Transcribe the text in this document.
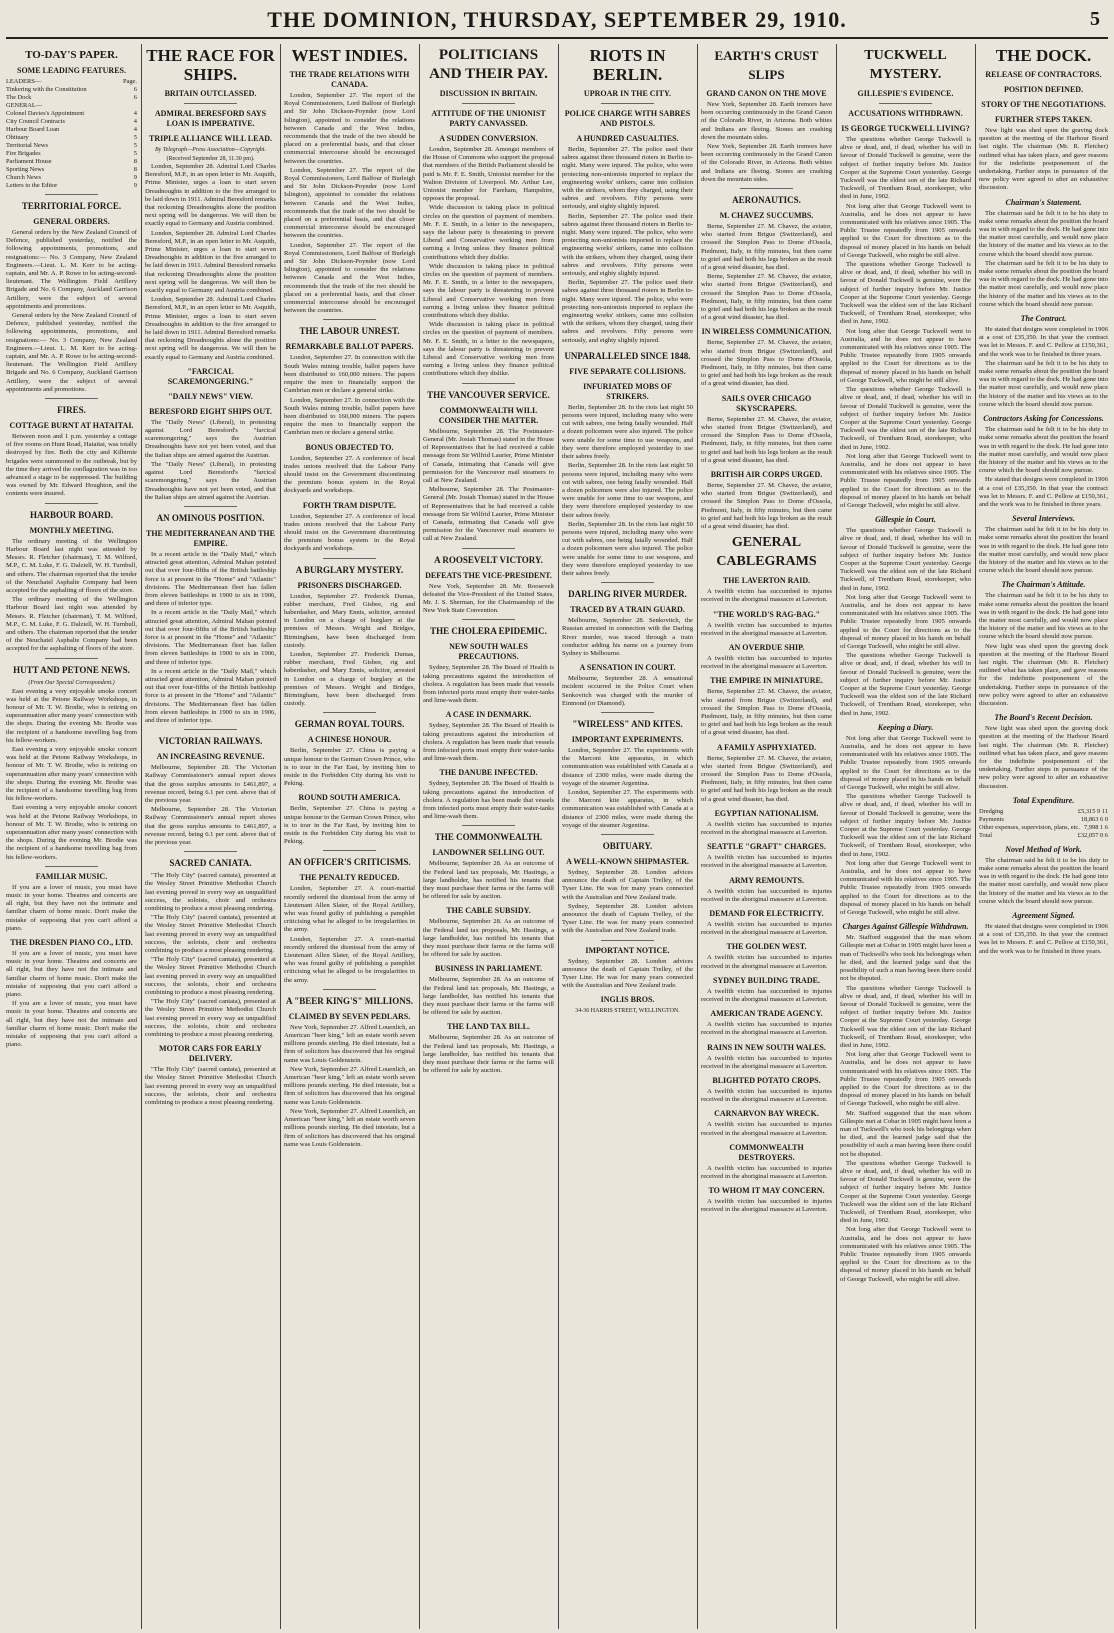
THE DOMINION, THURSDAY, SEPTEMBER 29, 1910.	5
TO-DAY'S PAPER.
SOME LEADING FEATURES.
LEADERS—	Page.
Tinkering with the Constitution	6
The Dock	6
GENERAL—
Colonel Davies's Appointment	4
City Council Contracts	4
Harbour Board Loan	4
Obituary	5
Territorial News	5
Fire Brigades	5
Parliament House	8
Sporting News	8
Church News	9
Letters to the Editor	9
TERRITORIAL FORCE.
GENERAL ORDERS.
General orders by the New Zealand Council of Defence, published yesterday, notified the following appointments, promotions, and resignations:— No. 3 Company, New Zealand Engineers.—Lieut. L. M. Kerr to be acting-captain, and Mr. A. P. Rowe to be acting-second-lieutenant. The Wellington Field Artillery Brigade and No. 6 Company, Auckland Garrison Artillery, were the subject of several appointments and promotions.
General orders by the New Zealand Council of Defence, published yesterday, notified the following appointments, promotions, and resignations:— No. 3 Company, New Zealand Engineers.—Lieut. L. M. Kerr to be acting-captain, and Mr. A. P. Rowe to be acting-second-lieutenant. The Wellington Field Artillery Brigade and No. 6 Company, Auckland Garrison Artillery, were the subject of several appointments and promotions.
FIRES.
COTTAGE BURNT AT HATAITAI.
Between noon and 1 p.m. yesterday a cottage of five rooms on Hunt Road, Hataitai, was totally destroyed by fire. Both the city and Kilbirnie brigades were summoned to the outbreak, but by the time they arrived the conflagration was in too advanced a stage to be suppressed. The building was owned by Mr. Edward Houghton, and the contents were insured.
HARBOUR BOARD.
MONTHLY MEETING.
The ordinary meeting of the Wellington Harbour Board last night was attended by Messrs. R. Fletcher (chairman), T. M. Wilford, M.P., C. M. Luke, F. G. Dalziell, W. H. Turnbull, and others. The chairman reported that the tender of the Neuchatel Asphalte Company had been accepted for the asphalting of floors of the store.
The ordinary meeting of the Wellington Harbour Board last night was attended by Messrs. R. Fletcher (chairman), T. M. Wilford, M.P., C. M. Luke, F. G. Dalziell, W. H. Turnbull, and others. The chairman reported that the tender of the Neuchatel Asphalte Company had been accepted for the asphalting of floors of the store.
HUTT AND PETONE NEWS.
(From Our Special Correspondent.)
East evening a very enjoyable smoke concert was held at the Petone Railway Workshops, in honour of Mr. T. W. Brodie, who is retiring on superannuation after many years' connection with the shops. During the evening Mr. Brodie was the recipient of a handsome travelling bag from his fellow-workers.
East evening a very enjoyable smoke concert was held at the Petone Railway Workshops, in honour of Mr. T. W. Brodie, who is retiring on superannuation after many years' connection with the shops. During the evening Mr. Brodie was the recipient of a handsome travelling bag from his fellow-workers.
East evening a very enjoyable smoke concert was held at the Petone Railway Workshops, in honour of Mr. T. W. Brodie, who is retiring on superannuation after many years' connection with the shops. During the evening Mr. Brodie was the recipient of a handsome travelling bag from his fellow-workers.
FAMILIAR MUSIC.
If you are a lover of music, you must have music in your home. Theatres and concerts are all right, but they have not the intimate and familiar charm of home music. Don't make the mistake of supposing that you can't afford a piano.
THE DRESDEN PIANO CO., LTD.
If you are a lover of music, you must have music in your home. Theatres and concerts are all right, but they have not the intimate and familiar charm of home music. Don't make the mistake of supposing that you can't afford a piano.
If you are a lover of music, you must have music in your home. Theatres and concerts are all right, but they have not the intimate and familiar charm of home music. Don't make the mistake of supposing that you can't afford a piano.
THE RACE FOR SHIPS.
BRITAIN OUTCLASSED.
ADMIRAL BERESFORD SAYS LOAN IS IMPERATIVE.
TRIPLE ALLIANCE WILL LEAD.
By Telegraph—Press Association—Copyright.
(Received September 28, 11.30 pm).
London, September 28. Admiral Lord Charles Beresford, M.P., in an open letter to Mr. Asquith, Prime Minister, urges a loan to start seven Dreadnoughts in addition to the five arranged to be laid down in 1911. Admiral Beresford remarks that reckoning Dreadnoughts alone the position next spring will be dangerous. We will then be exactly equal to Germany and Austria combined.
London, September 28. Admiral Lord Charles Beresford, M.P., in an open letter to Mr. Asquith, Prime Minister, urges a loan to start seven Dreadnoughts in addition to the five arranged to be laid down in 1911. Admiral Beresford remarks that reckoning Dreadnoughts alone the position next spring will be dangerous. We will then be exactly equal to Germany and Austria combined.
London, September 28. Admiral Lord Charles Beresford, M.P., in an open letter to Mr. Asquith, Prime Minister, urges a loan to start seven Dreadnoughts in addition to the five arranged to be laid down in 1911. Admiral Beresford remarks that reckoning Dreadnoughts alone the position next spring will be dangerous. We will then be exactly equal to Germany and Austria combined.
"FARCICAL SCAREMONGERING."
"DAILY NEWS" VIEW.
BERESFORD EIGHT SHIPS OUT.
The "Daily News" (Liberal), in protesting against Lord Beresford's "farcical scaremongering," says the Austrian Dreadnoughts have not yet been voted, and that the Italian ships are aimed against the Austrian.
The "Daily News" (Liberal), in protesting against Lord Beresford's "farcical scaremongering," says the Austrian Dreadnoughts have not yet been voted, and that the Italian ships are aimed against the Austrian.
AN OMINOUS POSITION.
THE MEDITERRANEAN AND THE EMPIRE.
In a recent article in the "Daily Mail," which attracted great attention, Admiral Mahan pointed out that over four-fifths of the British battleship force is at present in the "Home" and "Atlantic" divisions. The Mediterranean fleet has fallen from eleven battleships in 1900 to six in 1906, and three of inferior type.
In a recent article in the "Daily Mail," which attracted great attention, Admiral Mahan pointed out that over four-fifths of the British battleship force is at present in the "Home" and "Atlantic" divisions. The Mediterranean fleet has fallen from eleven battleships in 1900 to six in 1906, and three of inferior type.
In a recent article in the "Daily Mail," which attracted great attention, Admiral Mahan pointed out that over four-fifths of the British battleship force is at present in the "Home" and "Atlantic" divisions. The Mediterranean fleet has fallen from eleven battleships in 1900 to six in 1906, and three of inferior type.
VICTORIAN RAILWAYS.
AN INCREASING REVENUE.
Melbourne, September 28. The Victorian Railway Commissioner's annual report shows that the gross surplus amounts to £461,897, a revenue record, being 6.1 per cent. above that of the previous year.
Melbourne, September 28. The Victorian Railway Commissioner's annual report shows that the gross surplus amounts to £461,897, a revenue record, being 6.1 per cent. above that of the previous year.
SACRED CANIATA.
"The Holy City" (sacred cantata), presented at the Wesley Street Primitive Methodist Church last evening proved in every way an unqualified success, the soloists, choir and orchestra combining to produce a most pleasing rendering.
"The Holy City" (sacred cantata), presented at the Wesley Street Primitive Methodist Church last evening proved in every way an unqualified success, the soloists, choir and orchestra combining to produce a most pleasing rendering.
"The Holy City" (sacred cantata), presented at the Wesley Street Primitive Methodist Church last evening proved in every way an unqualified success, the soloists, choir and orchestra combining to produce a most pleasing rendering.
"The Holy City" (sacred cantata), presented at the Wesley Street Primitive Methodist Church last evening proved in every way an unqualified success, the soloists, choir and orchestra combining to produce a most pleasing rendering.
MOTOR CARS FOR EARLY DELIVERY.
"The Holy City" (sacred cantata), presented at the Wesley Street Primitive Methodist Church last evening proved in every way an unqualified success, the soloists, choir and orchestra combining to produce a most pleasing rendering.
WEST INDIES.
THE TRADE RELATIONS WITH CANADA.
London, September 27. The report of the Royal Commissioners, Lord Balfour of Burleigh and Sir John Dickson-Poynder (now Lord Islington), appointed to consider the relations between Canada and the West Indies, recommends that the trade of the two should be placed on a preferential basis, and that closer commercial intercourse should be encouraged between the countries.
London, September 27. The report of the Royal Commissioners, Lord Balfour of Burleigh and Sir John Dickson-Poynder (now Lord Islington), appointed to consider the relations between Canada and the West Indies, recommends that the trade of the two should be placed on a preferential basis, and that closer commercial intercourse should be encouraged between the countries.
London, September 27. The report of the Royal Commissioners, Lord Balfour of Burleigh and Sir John Dickson-Poynder (now Lord Islington), appointed to consider the relations between Canada and the West Indies, recommends that the trade of the two should be placed on a preferential basis, and that closer commercial intercourse should be encouraged between the countries.
THE LABOUR UNREST.
REMARKABLE BALLOT PAPERS.
London, September 27. In connection with the South Wales mining trouble, ballot papers have been distributed to 160,000 miners. The papers require the men to financially support the Cambrian men or declare a general strike.
London, September 27. In connection with the South Wales mining trouble, ballot papers have been distributed to 160,000 miners. The papers require the men to financially support the Cambrian men or declare a general strike.
BONUS OBJECTED TO.
London, September 27. A conference of local trades unions resolved that the Labour Party should insist on the Government discontinuing the premium bonus system in the Royal dockyards and workshops.
FORTH TRAM DISPUTE.
London, September 27. A conference of local trades unions resolved that the Labour Party should insist on the Government discontinuing the premium bonus system in the Royal dockyards and workshops.
A BURGLARY MYSTERY.
PRISONERS DISCHARGED.
London, September 27. Frederick Dumas, rubber merchant, Fred Gisbee, rig and haberdasher, and Mary Ennis, solicitor, arrested in London on a charge of burglary at the premises of Messrs. Wright and Bridges, Birmingham, have been discharged from custody.
London, September 27. Frederick Dumas, rubber merchant, Fred Gisbee, rig and haberdasher, and Mary Ennis, solicitor, arrested in London on a charge of burglary at the premises of Messrs. Wright and Bridges, Birmingham, have been discharged from custody.
GERMAN ROYAL TOURS.
A CHINESE HONOUR.
Berlin, September 27. China is paying a unique honour to the German Crown Prince, who is to tour in the Far East, by inviting him to reside in the Forbidden City during his visit to Peking.
ROUND SOUTH AMERICA.
Berlin, September 27. China is paying a unique honour to the German Crown Prince, who is to tour in the Far East, by inviting him to reside in the Forbidden City during his visit to Peking.
AN OFFICER'S CRITICISMS.
THE PENALTY REDUCED.
London, September 27. A court-martial recently ordered the dismissal from the army of Lieutenant Allen Slater, of the Royal Artillery, who was found guilty of publishing a pamphlet criticising what he alleged to be irregularities in the army.
London, September 27. A court-martial recently ordered the dismissal from the army of Lieutenant Allen Slater, of the Royal Artillery, who was found guilty of publishing a pamphlet criticising what he alleged to be irregularities in the army.
A "BEER KING'S" MILLIONS.
CLAIMED BY SEVEN PEDLARS.
New York, September 27. Alfred Louenlich, an American "beer king," left an estate worth seven millions pounds sterling. He died intestate, but a firm of solicitors has discovered that his original name was Louis Goldenstein.
New York, September 27. Alfred Louenlich, an American "beer king," left an estate worth seven millions pounds sterling. He died intestate, but a firm of solicitors has discovered that his original name was Louis Goldenstein.
New York, September 27. Alfred Louenlich, an American "beer king," left an estate worth seven millions pounds sterling. He died intestate, but a firm of solicitors has discovered that his original name was Louis Goldenstein.
POLITICIANS AND THEIR PAY.
DISCUSSION IN BRITAIN.
ATTITUDE OF THE UNIONIST PARTY CANVASSED.
A SUDDEN CONVERSION.
London, September 28. Amongst members of the House of Commons who support the proposal that members of the British Parliament should be paid is Mr. F. E. Smith, Unionist member for the Walton Division of Liverpool. Mr. Arthur Lee, Unionist member for Fareham, Hampshire, opposes the proposal.
Wide discussion is taking place in political circles on the question of payment of members. Mr. F. E. Smith, in a letter to the newspapers, says the labour party is threatening to prevent Liberal and Conservative working men from earning a living unless they finance political contributions which they dislike.
Wide discussion is taking place in political circles on the question of payment of members. Mr. F. E. Smith, in a letter to the newspapers, says the labour party is threatening to prevent Liberal and Conservative working men from earning a living unless they finance political contributions which they dislike.
Wide discussion is taking place in political circles on the question of payment of members. Mr. F. E. Smith, in a letter to the newspapers, says the labour party is threatening to prevent Liberal and Conservative working men from earning a living unless they finance political contributions which they dislike.
THE VANCOUVER SERVICE.
COMMONWEALTH WILL CONSIDER THE MATTER.
Melbourne, September 28. The Postmaster-General (Mr. Josiah Thomas) stated in the House of Representatives that he had received a cable message from Sir Wilfrid Laurier, Prime Minister of Canada, intimating that Canada will give permission for the Vancouver mail steamers to call at New Zealand.
Melbourne, September 28. The Postmaster-General (Mr. Josiah Thomas) stated in the House of Representatives that he had received a cable message from Sir Wilfrid Laurier, Prime Minister of Canada, intimating that Canada will give permission for the Vancouver mail steamers to call at New Zealand.
A ROOSEVELT VICTORY.
DEFEATS THE VICE-PRESIDENT.
New York, September 28. Mr. Roosevelt defeated the Vice-President of the United States, Mr. J. S. Sherman, for the Chairmanship of the New York State Convention.
THE CHOLERA EPIDEMIC.
NEW SOUTH WALES PRECAUTIONS.
Sydney, September 28. The Board of Health is taking precautions against the introduction of cholera. A regulation has been made that vessels from infected ports must empty their water-tanks and lime-wash them.
A CASE IN DENMARK.
Sydney, September 28. The Board of Health is taking precautions against the introduction of cholera. A regulation has been made that vessels from infected ports must empty their water-tanks and lime-wash them.
THE DANUBE INFECTED.
Sydney, September 28. The Board of Health is taking precautions against the introduction of cholera. A regulation has been made that vessels from infected ports must empty their water-tanks and lime-wash them.
THE COMMONWEALTH.
LANDOWNER SELLING OUT.
Melbourne, September 28. As an outcome of the Federal land tax proposals, Mr. Hastings, a large landholder, has notified his tenants that they must purchase their farms or the farms will be offered for sale by auction.
THE CABLE SUBSIDY.
Melbourne, September 28. As an outcome of the Federal land tax proposals, Mr. Hastings, a large landholder, has notified his tenants that they must purchase their farms or the farms will be offered for sale by auction.
BUSINESS IN PARLIAMENT.
Melbourne, September 28. As an outcome of the Federal land tax proposals, Mr. Hastings, a large landholder, has notified his tenants that they must purchase their farms or the farms will be offered for sale by auction.
THE LAND TAX BILL.
Melbourne, September 28. As an outcome of the Federal land tax proposals, Mr. Hastings, a large landholder, has notified his tenants that they must purchase their farms or the farms will be offered for sale by auction.
RIOTS IN BERLIN.
UPROAR IN THE CITY.
POLICE CHARGE WITH SABRES AND PISTOLS.
A HUNDRED CASUALTIES.
Berlin, September 27. The police used their sabres against three thousand rioters in Berlin to-night. Many were injured. The police, who were protecting non-unionists imported to replace the engineering works' strikers, came into collision with the strikers, whom they charged, using their sabres and revolvers. Fifty persons were seriously, and eighty slightly injured.
Berlin, September 27. The police used their sabres against three thousand rioters in Berlin to-night. Many were injured. The police, who were protecting non-unionists imported to replace the engineering works' strikers, came into collision with the strikers, whom they charged, using their sabres and revolvers. Fifty persons were seriously, and eighty slightly injured.
Berlin, September 27. The police used their sabres against three thousand rioters in Berlin to-night. Many were injured. The police, who were protecting non-unionists imported to replace the engineering works' strikers, came into collision with the strikers, whom they charged, using their sabres and revolvers. Fifty persons were seriously, and eighty slightly injured.
UNPARALLELED SINCE 1848.
FIVE SEPARATE COLLISIONS.
INFURIATED MOBS OF STRIKERS.
Berlin, September 28. In the riots last night 50 persons were injured, including many who were cut with sabres, one being fatally wounded. Half a dozen policemen were also injured. The police were unable for some time to use weapons, and they were therefore employed yesterday to use their sabres freely.
Berlin, September 28. In the riots last night 50 persons were injured, including many who were cut with sabres, one being fatally wounded. Half a dozen policemen were also injured. The police were unable for some time to use weapons, and they were therefore employed yesterday to use their sabres freely.
Berlin, September 28. In the riots last night 50 persons were injured, including many who were cut with sabres, one being fatally wounded. Half a dozen policemen were also injured. The police were unable for some time to use weapons, and they were therefore employed yesterday to use their sabres freely.
DARLING RIVER MURDER.
TRACED BY A TRAIN GUARD.
Melbourne, September 28. Senkovitch, the Russian arrested in connection with the Darling River murder, was traced through a train conductor adding his name on a journey from Sydney to Melbourne.
A SENSATION IN COURT.
Melbourne, September 28. A sensational incident occurred in the Police Court when Senkovitch was charged with the murder of Einmond (or Diamond).
"WIRELESS" AND KITES.
IMPORTANT EXPERIMENTS.
London, September 27. The experiments with the Marconi kite apparatus, in which communication was established with Canada at a distance of 2300 miles, were made during the voyage of the steamer Argentina.
London, September 27. The experiments with the Marconi kite apparatus, in which communication was established with Canada at a distance of 2300 miles, were made during the voyage of the steamer Argentina.
OBITUARY.
A WELL-KNOWN SHIPMASTER.
Sydney, September 28. London advices announce the death of Captain Trelley, of the Tyser Line. He was for many years connected with the Australian and New Zealand trade.
Sydney, September 28. London advices announce the death of Captain Trelley, of the Tyser Line. He was for many years connected with the Australian and New Zealand trade.
IMPORTANT NOTICE.
Sydney, September 28. London advices announce the death of Captain Trelley, of the Tyser Line. He was for many years connected with the Australian and New Zealand trade.
INGLIS BROS.
34-36 HARRIS STREET, WELLINGTON.
EARTH'S CRUST SLIPS
GRAND CANON ON THE MOVE
New York, September 28. Earth tremors have been occurring continuously in the Grand Canon of the Colorado River, in Arizona. Both whites and Indians are fleeing. Stones are crashing down the mountain sides.
New York, September 28. Earth tremors have been occurring continuously in the Grand Canon of the Colorado River, in Arizona. Both whites and Indians are fleeing. Stones are crashing down the mountain sides.
AERONAUTICS.
M. CHAVEZ SUCCUMBS.
Berne, September 27. M. Chavez, the aviator, who started from Brigue (Switzerland), and crossed the Simplon Pass to Dome d'Ossola, Piedmont, Italy, in fifty minutes, but then came to grief and had both his legs broken as the result of a great wind disaster, has died.
Berne, September 27. M. Chavez, the aviator, who started from Brigue (Switzerland), and crossed the Simplon Pass to Dome d'Ossola, Piedmont, Italy, in fifty minutes, but then came to grief and had both his legs broken as the result of a great wind disaster, has died.
IN WIRELESS COMMUNICATION.
Berne, September 27. M. Chavez, the aviator, who started from Brigue (Switzerland), and crossed the Simplon Pass to Dome d'Ossola, Piedmont, Italy, in fifty minutes, but then came to grief and had both his legs broken as the result of a great wind disaster, has died.
SAILS OVER CHICAGO SKYSCRAPERS.
Berne, September 27. M. Chavez, the aviator, who started from Brigue (Switzerland), and crossed the Simplon Pass to Dome d'Ossola, Piedmont, Italy, in fifty minutes, but then came to grief and had both his legs broken as the result of a great wind disaster, has died.
BRITISH AIR CORPS URGED.
Berne, September 27. M. Chavez, the aviator, who started from Brigue (Switzerland), and crossed the Simplon Pass to Dome d'Ossola, Piedmont, Italy, in fifty minutes, but then came to grief and had both his legs broken as the result of a great wind disaster, has died.
GENERAL CABLEGRAMS
THE LAVERTON RAID.
A twelfth victim has succumbed to injuries received in the aboriginal massacre at Laverton.
"THE WORLD'S RAG-BAG."
A twelfth victim has succumbed to injuries received in the aboriginal massacre at Laverton.
AN OVERDUE SHIP.
A twelfth victim has succumbed to injuries received in the aboriginal massacre at Laverton.
THE EMPIRE IN MINIATURE.
Berne, September 27. M. Chavez, the aviator, who started from Brigue (Switzerland), and crossed the Simplon Pass to Dome d'Ossola, Piedmont, Italy, in fifty minutes, but then came to grief and had both his legs broken as the result of a great wind disaster, has died.
A FAMILY ASPHYXIATED.
Berne, September 27. M. Chavez, the aviator, who started from Brigue (Switzerland), and crossed the Simplon Pass to Dome d'Ossola, Piedmont, Italy, in fifty minutes, but then came to grief and had both his legs broken as the result of a great wind disaster, has died.
EGYPTIAN NATIONALISM.
A twelfth victim has succumbed to injuries received in the aboriginal massacre at Laverton.
SEATTLE "GRAFT" CHARGES.
A twelfth victim has succumbed to injuries received in the aboriginal massacre at Laverton.
ARMY REMOUNTS.
A twelfth victim has succumbed to injuries received in the aboriginal massacre at Laverton.
DEMAND FOR ELECTRICITY.
A twelfth victim has succumbed to injuries received in the aboriginal massacre at Laverton.
THE GOLDEN WEST.
A twelfth victim has succumbed to injuries received in the aboriginal massacre at Laverton.
SYDNEY BUILDING TRADE.
A twelfth victim has succumbed to injuries received in the aboriginal massacre at Laverton.
AMERICAN TRADE AGENCY.
A twelfth victim has succumbed to injuries received in the aboriginal massacre at Laverton.
RAINS IN NEW SOUTH WALES.
A twelfth victim has succumbed to injuries received in the aboriginal massacre at Laverton.
BLIGHTED POTATO CROPS.
A twelfth victim has succumbed to injuries received in the aboriginal massacre at Laverton.
CARNARVON BAY WRECK.
A twelfth victim has succumbed to injuries received in the aboriginal massacre at Laverton.
COMMONWEALTH DESTROYERS.
A twelfth victim has succumbed to injuries received in the aboriginal massacre at Laverton.
TO WHOM IT MAY CONCERN.
A twelfth victim has succumbed to injuries received in the aboriginal massacre at Laverton.
TUCKWELL MYSTERY.
GILLESPIE'S EVIDENCE.
ACCUSATIONS WITHDRAWN.
IS GEORGE TUCKWELL LIVING?
The questions whether George Tuckwell is alive or dead, and, if dead, whether his will in favour of Donald Tuckwell is genuine, were the subject of further inquiry before Mr. Justice Cooper at the Supreme Court yesterday. George Tuckwell was the eldest son of the late Richard Tuckwell, of Trentham Road, storekeeper, who died in June, 1902.
Not long after that George Tuckwell went to Australia, and he does not appear to have communicated with his relatives since 1905. The Public Trustee repeatedly from 1905 onwards applied to the Court for directions as to the disposal of money placed in his hands on behalf of George Tuckwell, who might be still alive.
The questions whether George Tuckwell is alive or dead, and, if dead, whether his will in favour of Donald Tuckwell is genuine, were the subject of further inquiry before Mr. Justice Cooper at the Supreme Court yesterday. George Tuckwell was the eldest son of the late Richard Tuckwell, of Trentham Road, storekeeper, who died in June, 1902.
Not long after that George Tuckwell went to Australia, and he does not appear to have communicated with his relatives since 1905. The Public Trustee repeatedly from 1905 onwards applied to the Court for directions as to the disposal of money placed in his hands on behalf of George Tuckwell, who might be still alive.
The questions whether George Tuckwell is alive or dead, and, if dead, whether his will in favour of Donald Tuckwell is genuine, were the subject of further inquiry before Mr. Justice Cooper at the Supreme Court yesterday. George Tuckwell was the eldest son of the late Richard Tuckwell, of Trentham Road, storekeeper, who died in June, 1902.
Not long after that George Tuckwell went to Australia, and he does not appear to have communicated with his relatives since 1905. The Public Trustee repeatedly from 1905 onwards applied to the Court for directions as to the disposal of money placed in his hands on behalf of George Tuckwell, who might be still alive.
Gillespie in Court.
The questions whether George Tuckwell is alive or dead, and, if dead, whether his will in favour of Donald Tuckwell is genuine, were the subject of further inquiry before Mr. Justice Cooper at the Supreme Court yesterday. George Tuckwell was the eldest son of the late Richard Tuckwell, of Trentham Road, storekeeper, who died in June, 1902.
Not long after that George Tuckwell went to Australia, and he does not appear to have communicated with his relatives since 1905. The Public Trustee repeatedly from 1905 onwards applied to the Court for directions as to the disposal of money placed in his hands on behalf of George Tuckwell, who might be still alive.
The questions whether George Tuckwell is alive or dead, and, if dead, whether his will in favour of Donald Tuckwell is genuine, were the subject of further inquiry before Mr. Justice Cooper at the Supreme Court yesterday. George Tuckwell was the eldest son of the late Richard Tuckwell, of Trentham Road, storekeeper, who died in June, 1902.
Keeping a Diary.
Not long after that George Tuckwell went to Australia, and he does not appear to have communicated with his relatives since 1905. The Public Trustee repeatedly from 1905 onwards applied to the Court for directions as to the disposal of money placed in his hands on behalf of George Tuckwell, who might be still alive.
The questions whether George Tuckwell is alive or dead, and, if dead, whether his will in favour of Donald Tuckwell is genuine, were the subject of further inquiry before Mr. Justice Cooper at the Supreme Court yesterday. George Tuckwell was the eldest son of the late Richard Tuckwell, of Trentham Road, storekeeper, who died in June, 1902.
Not long after that George Tuckwell went to Australia, and he does not appear to have communicated with his relatives since 1905. The Public Trustee repeatedly from 1905 onwards applied to the Court for directions as to the disposal of money placed in his hands on behalf of George Tuckwell, who might be still alive.
Charges Against Gillespie Withdrawn.
Mr. Stafford suggested that the man whom Gillespie met at Cobar in 1905 might have been a man of Tuckwell's who took his belongings when he died, and the learned judge said that the possibility of such a man having been there could not be disputed.
The questions whether George Tuckwell is alive or dead, and, if dead, whether his will in favour of Donald Tuckwell is genuine, were the subject of further inquiry before Mr. Justice Cooper at the Supreme Court yesterday. George Tuckwell was the eldest son of the late Richard Tuckwell, of Trentham Road, storekeeper, who died in June, 1902.
Not long after that George Tuckwell went to Australia, and he does not appear to have communicated with his relatives since 1905. The Public Trustee repeatedly from 1905 onwards applied to the Court for directions as to the disposal of money placed in his hands on behalf of George Tuckwell, who might be still alive.
Mr. Stafford suggested that the man whom Gillespie met at Cobar in 1905 might have been a man of Tuckwell's who took his belongings when he died, and the learned judge said that the possibility of such a man having been there could not be disputed.
The questions whether George Tuckwell is alive or dead, and, if dead, whether his will in favour of Donald Tuckwell is genuine, were the subject of further inquiry before Mr. Justice Cooper at the Supreme Court yesterday. George Tuckwell was the eldest son of the late Richard Tuckwell, of Trentham Road, storekeeper, who died in June, 1902.
Not long after that George Tuckwell went to Australia, and he does not appear to have communicated with his relatives since 1905. The Public Trustee repeatedly from 1905 onwards applied to the Court for directions as to the disposal of money placed in his hands on behalf of George Tuckwell, who might be still alive.
THE DOCK.
RELEASE OF CONTRACTORS.
POSITION DEFINED.
STORY OF THE NEGOTIATIONS.
FURTHER STEPS TAKEN.
New light was shed upon the graving dock question at the meeting of the Harbour Board last night. The chairman (Mr. R. Fletcher) outlined what has taken place, and gave reasons for the indefinite postponement of the undertaking. Further steps in pursuance of the new policy were agreed to after an exhaustive discussion.
Chairman's Statement.
The chairman said he felt it to be his duty to make some remarks about the position the board was in with regard to the dock. He had gone into the matter most carefully, and would now place the history of the matter and his views as to the course which the board should now pursue.
The chairman said he felt it to be his duty to make some remarks about the position the board was in with regard to the dock. He had gone into the matter most carefully, and would now place the history of the matter and his views as to the course which the board should now pursue.
The Contract.
He stated that designs were completed in 1906 at a cost of £35,350. In that year the contract was let to Messrs. F. and C. Pellow at £150,361, and the work was to be finished in three years.
The chairman said he felt it to be his duty to make some remarks about the position the board was in with regard to the dock. He had gone into the matter most carefully, and would now place the history of the matter and his views as to the course which the board should now pursue.
Contractors Asking for Concessions.
The chairman said he felt it to be his duty to make some remarks about the position the board was in with regard to the dock. He had gone into the matter most carefully, and would now place the history of the matter and his views as to the course which the board should now pursue.
He stated that designs were completed in 1906 at a cost of £35,350. In that year the contract was let to Messrs. F. and C. Pellow at £150,361, and the work was to be finished in three years.
Several Interviews.
The chairman said he felt it to be his duty to make some remarks about the position the board was in with regard to the dock. He had gone into the matter most carefully, and would now place the history of the matter and his views as to the course which the board should now pursue.
The Chairman's Attitude.
The chairman said he felt it to be his duty to make some remarks about the position the board was in with regard to the dock. He had gone into the matter most carefully, and would now place the history of the matter and his views as to the course which the board should now pursue.
New light was shed upon the graving dock question at the meeting of the Harbour Board last night. The chairman (Mr. R. Fletcher) outlined what has taken place, and gave reasons for the indefinite postponement of the undertaking. Further steps in pursuance of the new policy were agreed to after an exhaustive discussion.
The Board's Recent Decision.
New light was shed upon the graving dock question at the meeting of the Harbour Board last night. The chairman (Mr. R. Fletcher) outlined what has taken place, and gave reasons for the indefinite postponement of the undertaking. Further steps in pursuance of the new policy were agreed to after an exhaustive discussion.
Total Expenditure.
Dredging	£5,315 9 11
Payments	18,863 6 0
Other expenses, supervision, plans, etc. 7,998 1 6
Total	£32,057 0 6
Novel Method of Work.
The chairman said he felt it to be his duty to make some remarks about the position the board was in with regard to the dock. He had gone into the matter most carefully, and would now place the history of the matter and his views as to the course which the board should now pursue.
Agreement Signed.
He stated that designs were completed in 1906 at a cost of £35,350. In that year the contract was let to Messrs. F. and C. Pellow at £150,361, and the work was to be finished in three years.
